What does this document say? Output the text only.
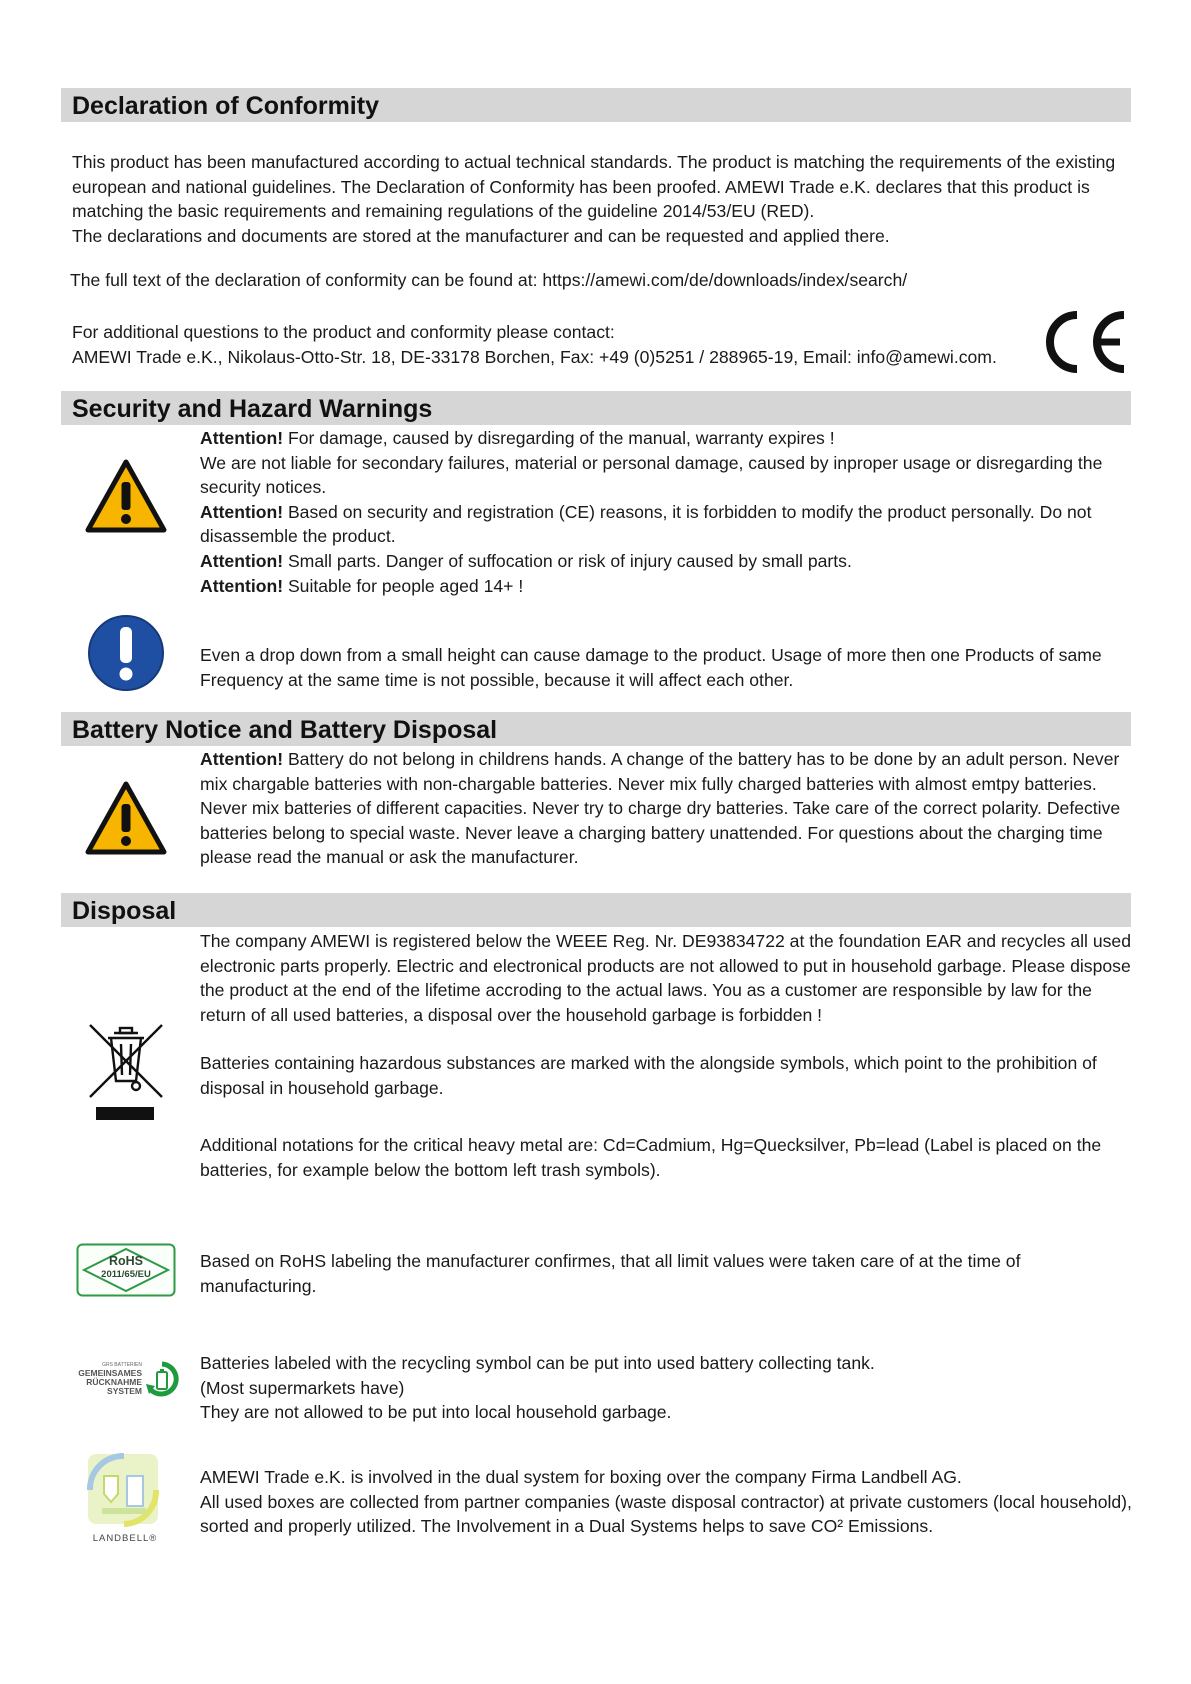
Declaration of Conformity

This product has been manufactured according to actual technical standards. The product is matching the requirements of the existing european and national guidelines. The Declaration of Conformity has been proofed. AMEWI Trade e.K. declares that this product is matching the basic requirements and remaining regulations of the guideline 2014/53/EU (RED).

The declarations and documents are stored at the manufacturer and can be requested and applied there.

The full text of the declaration of conformity can be found at: https://amewi.com/de/downloads/index/search/

For additional questions to the product and conformity please contact:

AMEWI Trade e.K., Nikolaus-Otto-Str. 18, DE-33178 Borchen, Fax: +49 (0)5251 / 288965-19, Email: info@amewi.com.

CE
Security and Hazard Warnings

Attention! For damage, caused by disregarding of the manual, warranty expires !

We are not liable for secondary failures, material or personal damage, caused by inproper usage or disregarding the security notices.

Attention! Based on security and registration (CE) reasons, it is forbidden to modify the product personally. Do not disassemble the product.

Attention! Small parts. Danger of suffocation or risk of injury caused by small parts.

Attention! Suitable for people aged 14+ !

Even a drop down from a small height can cause damage to the product. Usage of more then one Products of same Frequency at the same time is not possible, because it will affect each other.

Battery Notice and Battery Disposal

Attention! Battery do not belong in childrens hands. A change of the battery has to be done by an adult person. Never mix chargable batteries with non-chargable batteries. Never mix fully charged batteries with almost emtpy batteries. Never mix batteries of different capacities. Never try to charge dry batteries. Take care of the correct polarity. Defective batteries belong to special waste. Never leave a charging battery unattended. For questions about the charging time please read the manual or ask the manufacturer.

Disposal

The company AMEWI is registered below the WEEE Reg. Nr. DE93834722 at the foundation EAR and recycles all used electronic parts properly. Electric and electronical products are not allowed to put in household garbage. Please dispose the product at the end of the lifetime accroding to the actual laws. You as a customer are responsible by law for the return of all used batteries, a disposal over the household garbage is forbidden !

Batteries containing hazardous substances are marked with the alongside symbols, which point to the prohibition of disposal in household garbage.

Additional notations for the critical heavy metal are: Cd=Cadmium, Hg=Quecksilver, Pb=lead (Label is placed on the batteries, for example below the bottom left trash symbols).

RoHS
2011/65/EU

Based on RoHS labeling the manufacturer confirmes, that all limit values were taken care of at the time of manufacturing.

GRS BATTERIEN
GEMEINSAMES
RÜCKNAHME
SYSTEM

Batteries labeled with the recycling symbol can be put into used battery collecting tank.

(Most supermarkets have)

They are not allowed to be put into local household garbage.

LANDBELL®

AMEWI Trade e.K. is involved in the dual system for boxing over the company Firma Landbell AG.

All used boxes are collected from partner companies (waste disposal contractor) at private customers (local household), sorted and properly utilized. The Involvement in a Dual Systems helps to save CO² Emissions.
